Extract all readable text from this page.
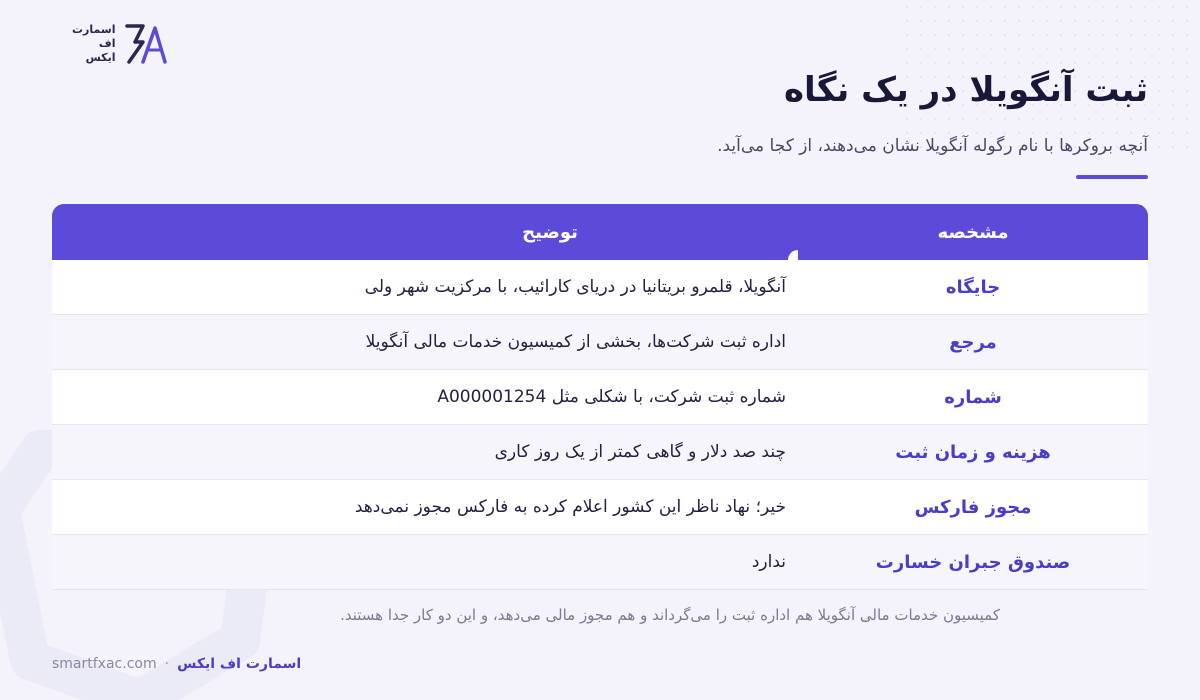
اسمارت
اف
ایکس
ثبت آنگویلا در یک نگاه

آنچه بروکرها با نام رگوله آنگویلا نشان می‌دهند، از کجا می‌آید.

مشخصه
توضیح
جایگاه
آنگویلا، قلمرو بریتانیا در دریای کارائیب، با مرکزیت شهر ولی
مرجع
اداره ثبت شرکت‌ها، بخشی از کمیسیون خدمات مالی آنگویلا
شماره
شماره ثبت شرکت، با شکلی مثل A000001254
هزینه و زمان ثبت
چند صد دلار و گاهی کمتر از یک روز کاری
مجوز فارکس
خیر؛ نهاد ناظر این کشور اعلام کرده به فارکس مجوز نمی‌دهد
صندوق جبران خسارت
ندارد

کمیسیون خدمات مالی آنگویلا هم اداره ثبت را می‌گرداند و هم مجوز مالی می‌دهد، و این دو کار جدا هستند.

اسمارت اف ایکس
·
smartfxac.com
